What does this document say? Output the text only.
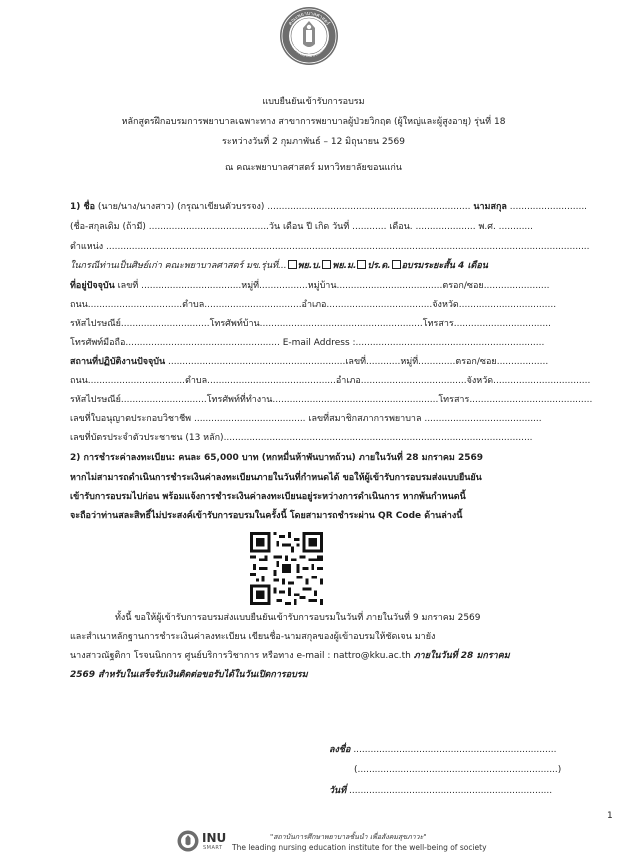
คณะพยาบาลศาสตร์
มหาวิทยาลัยขอนแก่น
แบบยืนยันเข้ารับการอบรม
หลักสูตรฝึกอบรมการพยาบาลเฉพาะทาง สาขาการพยาบาลผู้ป่วยวิกฤต (ผู้ใหญ่และผู้สูงอายุ) รุ่นที่ 18
ระหว่างวันที่ 2 กุมภาพันธ์ – 12 มิถุนายน 2569
ณ คณะพยาบาลศาสตร์ มหาวิทยาลัยขอนแก่น
1) ชื่อ (นาย/นาง/นางสาว) (กรุณาเขียนตัวบรรจง) ....................................................................... นามสกุล ...........................
(ชื่อ-สกุลเดิม (ถ้ามี) ..........................................วัน เดือน ปี เกิด วันที่ ............ เดือน. ..................... พ.ศ. ............
ตำแหน่ง .........................................................................................................................................................................
ในกรณีท่านเป็นศิษย์เก่า คณะพยาบาลศาสตร์ มข.รุ่นที่... พย.บ. พย.ม. ปร.ด. อบรมระยะสั้น 4 เดือน
ที่อยู่ปัจจุบัน เลขที่ ...................................หมู่ที่.................หมู่บ้าน.....................................ตรอก/ซอย.......................
ถนน.................................ตำบล..................................อำเภอ.....................................จังหวัด..................................
รหัสไปรษณีย์...............................โทรศัพท์บ้าน.........................................................โทรสาร..................................
โทรศัพท์มือถือ...................................................... E-mail Address :..................................................................
สถานที่ปฏิบัติงานปัจจุบัน ..............................................................เลขที่............หมู่ที่.............ตรอก/ซอย..................
ถนน..................................ตำบล.............................................อำเภอ.....................................จังหวัด..................................
รหัสไปรษณีย์..............................โทรศัพท์ที่ทำงาน..........................................................โทรสาร...........................................
เลขที่ใบอนุญาตประกอบวิชาชีพ ....................................... เลขที่สมาชิกสภาการพยาบาล .........................................
เลขที่บัตรประจำตัวประชาชน (13 หลัก)............................................................................................................
2) การชำระค่าลงทะเบียน: คนละ 65,000 บาท (หกหมื่นห้าพันบาทถ้วน) ภายในวันที่ 28 มกราคม 2569
หากไม่สามารถดำเนินการชำระเงินค่าลงทะเบียนภายในวันที่กำหนดได้ ขอให้ผู้เข้ารับการอบรมส่งแบบยืนยัน
เข้ารับการอบรมไปก่อน พร้อมแจ้งการชำระเงินค่าลงทะเบียนอยู่ระหว่างการดำเนินการ หากพ้นกำหนดนี้
จะถือว่าท่านสละสิทธิ์ไม่ประสงค์เข้ารับการอบรมในครั้งนี้ โดยสามารถชำระผ่าน QR Code ด้านล่างนี้
ทั้งนี้ ขอให้ผู้เข้ารับการอบรมส่งแบบยืนยันเข้ารับการอบรมในวันที่ ภายในวันที่ 9 มกราคม 2569
และสำเนาหลักฐานการชำระเงินค่าลงทะเบียน เขียนชื่อ-นามสกุลของผู้เข้าอบรมให้ชัดเจน มายัง
นางสาวณัฐติกา โรจนนิกการ ศูนย์บริการวิชาการ หรือทาง e-mail : nattro@kku.ac.th ภายในวันที่ 28 มกราคม
2569 สำหรับในเสร็จรับเงินติดต่อขอรับได้ในวันเปิดการอบรม
ลงชื่อ .......................................................................
(......................................................................)
วันที่ .......................................................................
1
INU
SMART
"สถาบันการศึกษาพยาบาลชั้นนำ เพื่อสังคมสุขภาวะ"
The leading nursing education institute for the well-being of society
